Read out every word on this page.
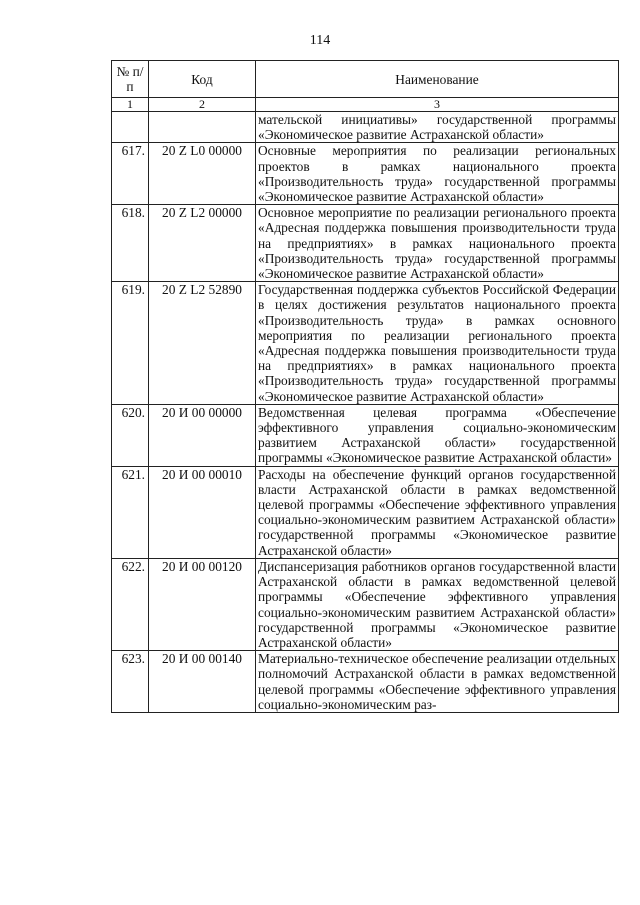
114
№ п/п	Код	Наименование
1	2	3
		мательской инициативы» государственной программы «Экономическое развитие Астраханской области»
617.	20 Z L0 00000	Основные мероприятия по реализации региональных проектов в рамках национального проекта «Производительность труда» государственной программы «Экономическое развитие Астраханской области»
618.	20 Z L2 00000	Основное мероприятие по реализации регионального проекта «Адресная поддержка повышения производительности труда на предприятиях» в рамках национального проекта «Производительность труда» государственной программы «Экономическое развитие Астраханской области»
619.	20 Z L2 52890	Государственная поддержка субъектов Российской Федерации в целях достижения результатов национального проекта «Производительность труда» в рамках основного мероприятия по реализации регионального проекта «Адресная поддержка повышения производительности труда на предприятиях» в рамках национального проекта «Производительность труда» государственной программы «Экономическое развитие Астраханской области»
620.	20 И 00 00000	Ведомственная целевая программа «Обеспечение эффективного управления социально-экономическим развитием Астраханской области» государственной программы «Экономическое развитие Астраханской области»
621.	20 И 00 00010	Расходы на обеспечение функций органов государственной власти Астраханской области в рамках ведомственной целевой программы «Обеспечение эффективного управления социально-экономическим развитием Астраханской области» государственной программы «Экономическое развитие Астраханской области»
622.	20 И 00 00120	Диспансеризация работников органов государственной власти Астраханской области в рамках ведомственной целевой программы «Обеспечение эффективного управления социально-экономическим развитием Астраханской области» государственной программы «Экономическое развитие Астраханской области»
623.	20 И 00 00140	Материально-техническое обеспечение реализации отдельных полномочий Астраханской области в рамках ведомственной целевой программы «Обеспечение эффективного управления социально-экономическим раз-
